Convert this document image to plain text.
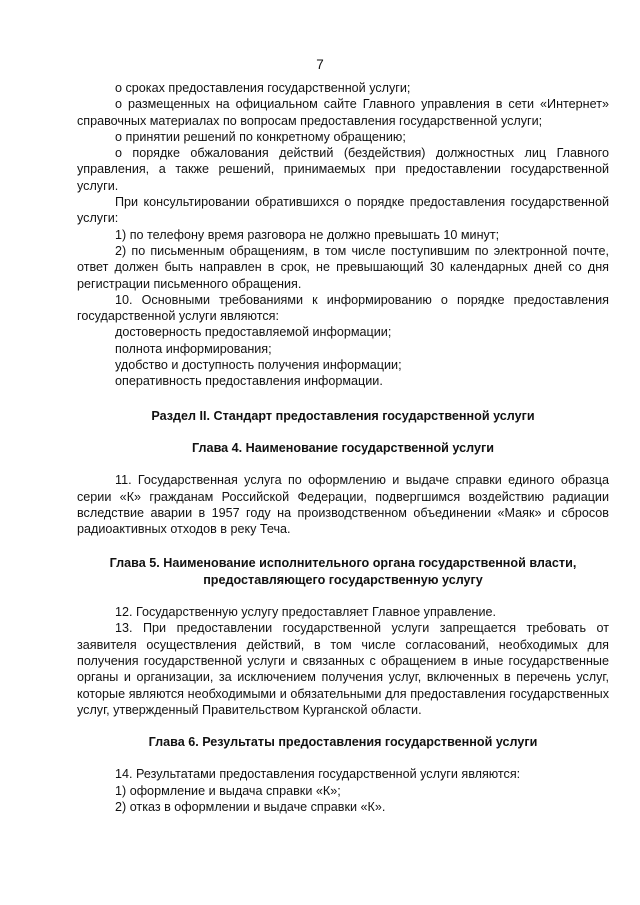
7

о сроках предоставления государственной услуги;

о размещенных на официальном сайте Главного управления в сети «Интернет» справочных материалах по вопросам предоставления государственной услуги;

о принятии решений по конкретному обращению;

о порядке обжалования действий (бездействия) должностных лиц Главного управления, а также решений, принимаемых при предоставлении государственной услуги.

При консультировании обратившихся о порядке предоставления государственной услуги:

1) по телефону время разговора не должно превышать 10 минут;

2) по письменным обращениям, в том числе поступившим по электронной почте, ответ должен быть направлен в срок, не превышающий 30 календарных дней со дня регистрации письменного обращения.

10. Основными требованиями к информированию о порядке предоставления государственной услуги являются:

достоверность предоставляемой информации;

полнота информирования;

удобство и доступность получения информации;

оперативность предоставления информации.

Раздел II. Стандарт предоставления государственной услуги
Глава 4. Наименование государственной услуги

11. Государственная услуга по оформлению и выдаче справки единого образца серии «К» гражданам Российской Федерации, подвергшимся воздействию радиации вследствие аварии в 1957 году на производственном объединении «Маяк» и сбросов радиоактивных отходов в реку Теча.

Глава 5. Наименование исполнительного органа государственной власти,
предоставляющего государственную услугу

12. Государственную услугу предоставляет Главное управление.

13. При предоставлении государственной услуги запрещается требовать от заявителя осуществления действий, в том числе согласований, необходимых для получения государственной услуги и связанных с обращением в иные государственные органы и организации, за исключением получения услуг, включенных в перечень услуг, которые являются необходимыми и обязательными для предоставления государственных услуг, утвержденный Правительством Курганской области.

Глава 6. Результаты предоставления государственной услуги

14. Результатами предоставления государственной услуги являются:

1) оформление и выдача справки «К»;

2) отказ в оформлении и выдаче справки «К».
